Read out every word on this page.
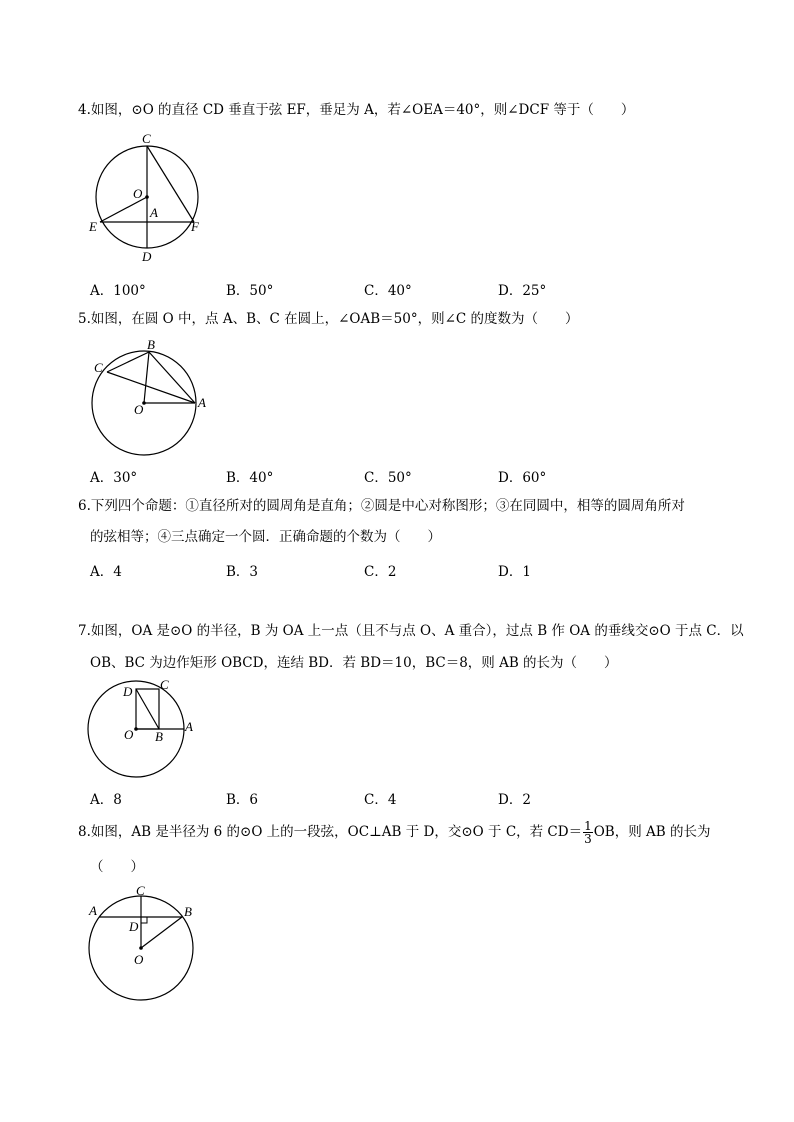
4.如图，⊙O 的直径 CD 垂直于弦 EF，垂足为 A，若∠OEA＝40°，则∠DCF 等于（　　）
C
O
A
E	F
D
A．100°	B．50°	C．40°	D．25°
5.如图，在圆 O 中，点 A、B、C 在圆上，∠OAB＝50°，则∠C 的度数为（　　）
B
C
O	A
A．30°	B．40°	C．50°	D．60°
6.下列四个命题：①直径所对的圆周角是直角；②圆是中心对称图形；③在同圆中，相等的圆周角所对
的弦相等；④三点确定一个圆．正确命题的个数为（　　）
A．4	B．3	C．2	D．1
7.如图，OA 是⊙O 的半径，B 为 OA 上一点（且不与点 O、A 重合），过点 B 作 OA 的垂线交⊙O 于点 C．以
OB、BC 为边作矩形 OBCD，连结 BD．若 BD＝10，BC＝8，则 AB 的长为（　　）
D C
O B
A
A．8	B．6	C．4	D．2
8.如图，AB 是半径为 6 的⊙O 上的一段弦，OC⊥AB 于 D，交⊙O 于 C，若 $CD= \frac{1}{3}$ OB，则 AB 的长为
（　　）
C
A	B
D
O
